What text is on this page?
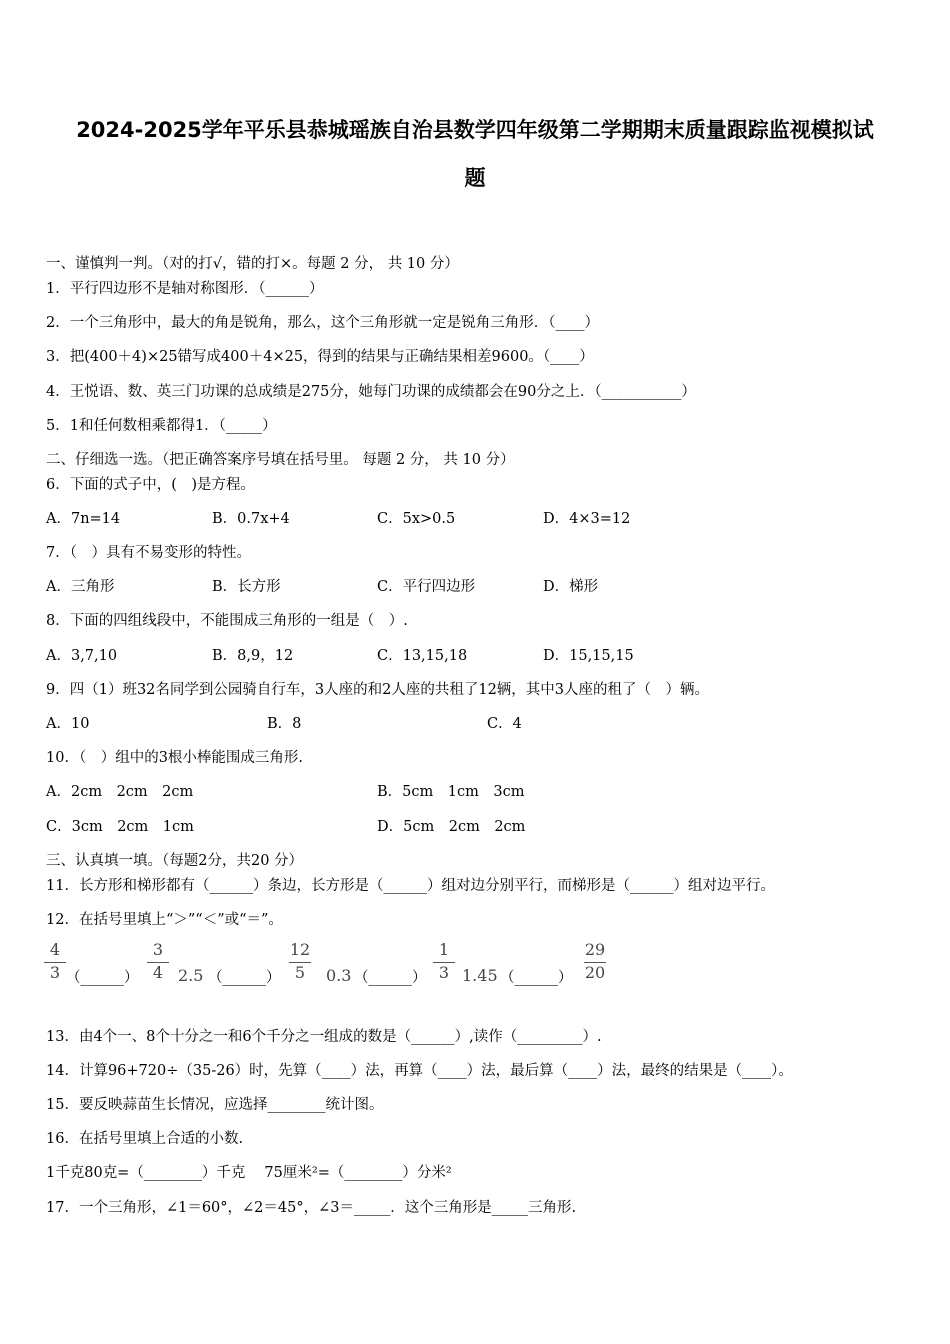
2024-2025学年平乐县恭城瑶族自治县数学四年级第二学期期末质量跟踪监视模拟试
题
一、谨慎判一判。（对的打√，错的打×。每题 2 分， 共 10 分）
1．平行四边形不是轴对称图形．（______）
2．一个三角形中，最大的角是锐角，那么，这个三角形就一定是锐角三角形．（____）
3．把(400＋4)×25错写成400＋4×25，得到的结果与正确结果相差9600。（____）
4．王悦语、数、英三门功课的总成绩是275分，她每门功课的成绩都会在90分之上．（___________）
5．1和任何数相乘都得1．（_____）
二、仔细选一选。（把正确答案序号填在括号里。 每题 2 分， 共 10 分）
6．下面的式子中，(　)是方程。
A．7n=14	B．0.7x+4	C．5x>0.5	D．4×3=12
7．（　）具有不易变形的特性。
A．三角形	B．长方形	C．平行四边形	D．梯形
8．下面的四组线段中，不能围成三角形的一组是（　）.
A．3,7,10	B．8,9，12	C．13,15,18	D．15,15,15
9．四（1）班32名同学到公园骑自行车，3人座的和2人座的共租了12辆，其中3人座的租了（　）辆。
A．10	B．8	C．4
10．（　）组中的3根小棒能围成三角形.
A．2cm　2cm　2cm	B．5cm　1cm　3cm
C．3cm　2cm　1cm	D．5cm　2cm　2cm
三、认真填一填。（每题2分，共20 分）
11．长方形和梯形都有（______）条边，长方形是（______）组对边分别平行，而梯形是（______）组对边平行。
12．在括号里填上“＞”“＜”或“＝”。
4
3 （______）
3
4 2.5 （______）
12
5	0.3 （______）
1
3 1.45 （______）
29
20
13．由4个一、8个十分之一和6个千分之一组成的数是（______）,读作（_________）.
14．计算96+720÷（35-26）时，先算（____）法，再算（____）法，最后算（____）法，最终的结果是（____）。
15．要反映蒜苗生长情况，应选择________统计图。
16．在括号里填上合适的小数.
1千克80克=（________）千克　 75厘米²=（________）分米²
17．一个三角形，∠1＝60°，∠2＝45°，∠3＝_____．这个三角形是_____三角形.
